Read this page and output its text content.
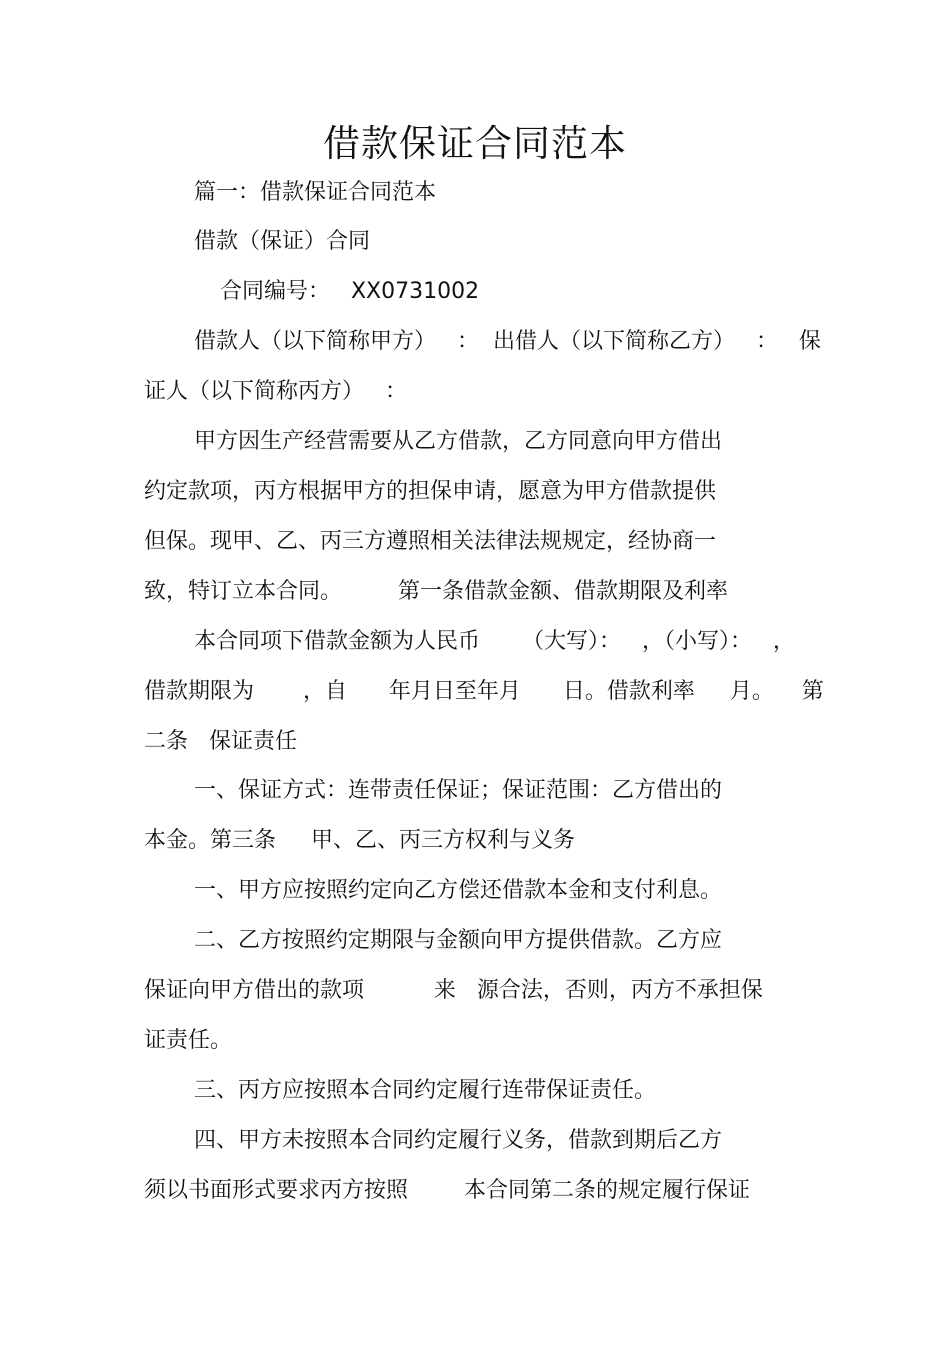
借款保证合同范本

篇一：借款保证合同范本

借款（保证）合同

合同编号：   XX0731002

借款人（以下简称甲方）   ：  出借人（以下简称乙方）   ：   保

证人（以下简称丙方）   ：

甲方因生产经营需要从乙方借款，乙方同意向甲方借出

约定款项，丙方根据甲方的担保申请，愿意为甲方借款提供

但保。现甲、乙、丙三方遵照相关法律法规规定，经协商一

致，特订立本合同。        第一条借款金额、借款期限及利率

本合同项下借款金额为人民币      （大写）：   ，（小写）：   ，

借款期限为       ，自      年月日至年月      日。借款利率     月。    第

二条   保证责任

一、保证方式：连带责任保证；保证范围：乙方借出的

本金。第三条     甲、乙、丙三方权利与义务

一、甲方应按照约定向乙方偿还借款本金和支付利息。

二、乙方按照约定期限与金额向甲方提供借款。乙方应

保证向甲方借出的款项          来   源合法，否则，丙方不承担保

证责任。

三、丙方应按照本合同约定履行连带保证责任。

四、甲方未按照本合同约定履行义务，借款到期后乙方

须以书面形式要求丙方按照        本合同第二条的规定履行保证
